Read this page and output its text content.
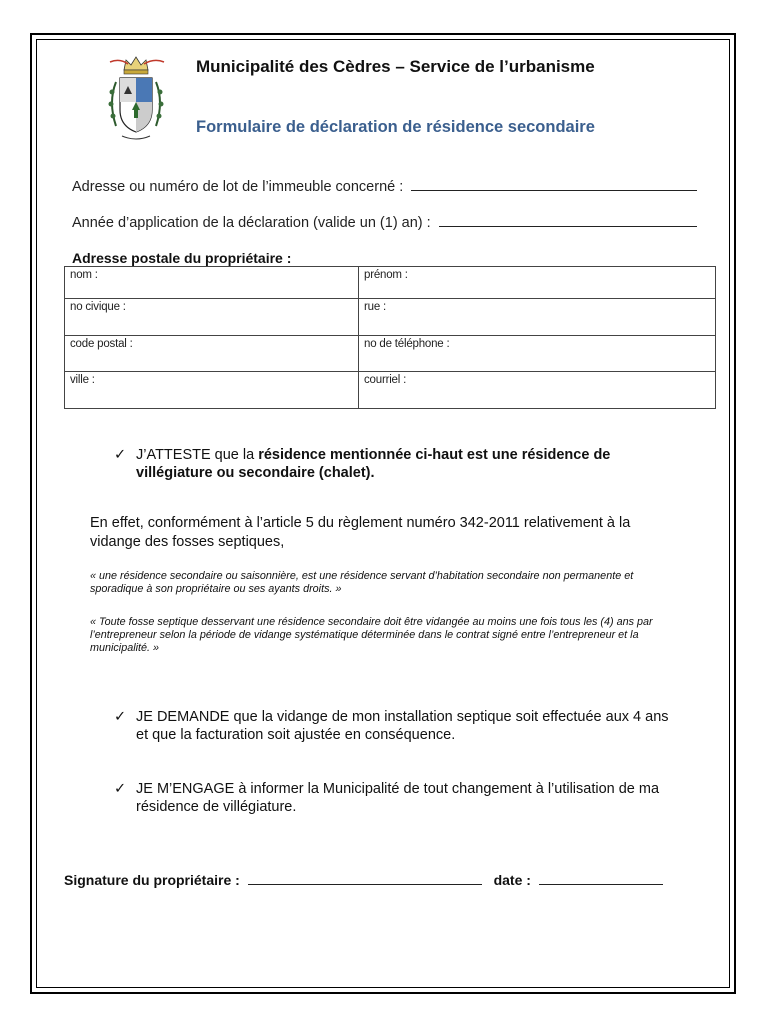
Municipalité des Cèdres – Service de l’urbanisme
Formulaire de déclaration de résidence secondaire
Adresse ou numéro de lot de l’immeuble concerné :
Année d’application de la déclaration (valide un (1) an) :
Adresse postale du propriétaire :
nom :	prénom :
no civique :	rue :
code postal :	no de téléphone :
ville :	courriel :
✓ J’ATTESTE que la résidence mentionnée ci-haut est une résidence de villégiature ou secondaire (chalet).
En effet, conformément à l’article 5 du règlement numéro 342-2011 relativement à la vidange des fosses septiques,
« une résidence secondaire ou saisonnière, est une résidence servant d’habitation secondaire non permanente et sporadique à son propriétaire ou ses ayants droits. »
« Toute fosse septique desservant une résidence secondaire doit être vidangée au moins une fois tous les (4) ans par l’entrepreneur selon la période de vidange systématique déterminée dans le contrat signé entre l’entrepreneur et la municipalité. »
✓ JE DEMANDE que la vidange de mon installation septique soit effectuée aux 4 ans et que la facturation soit ajustée en conséquence.
✓ JE M’ENGAGE à informer la Municipalité de tout changement à l’utilisation de ma résidence de villégiature.
Signature du propriétaire :	date :
